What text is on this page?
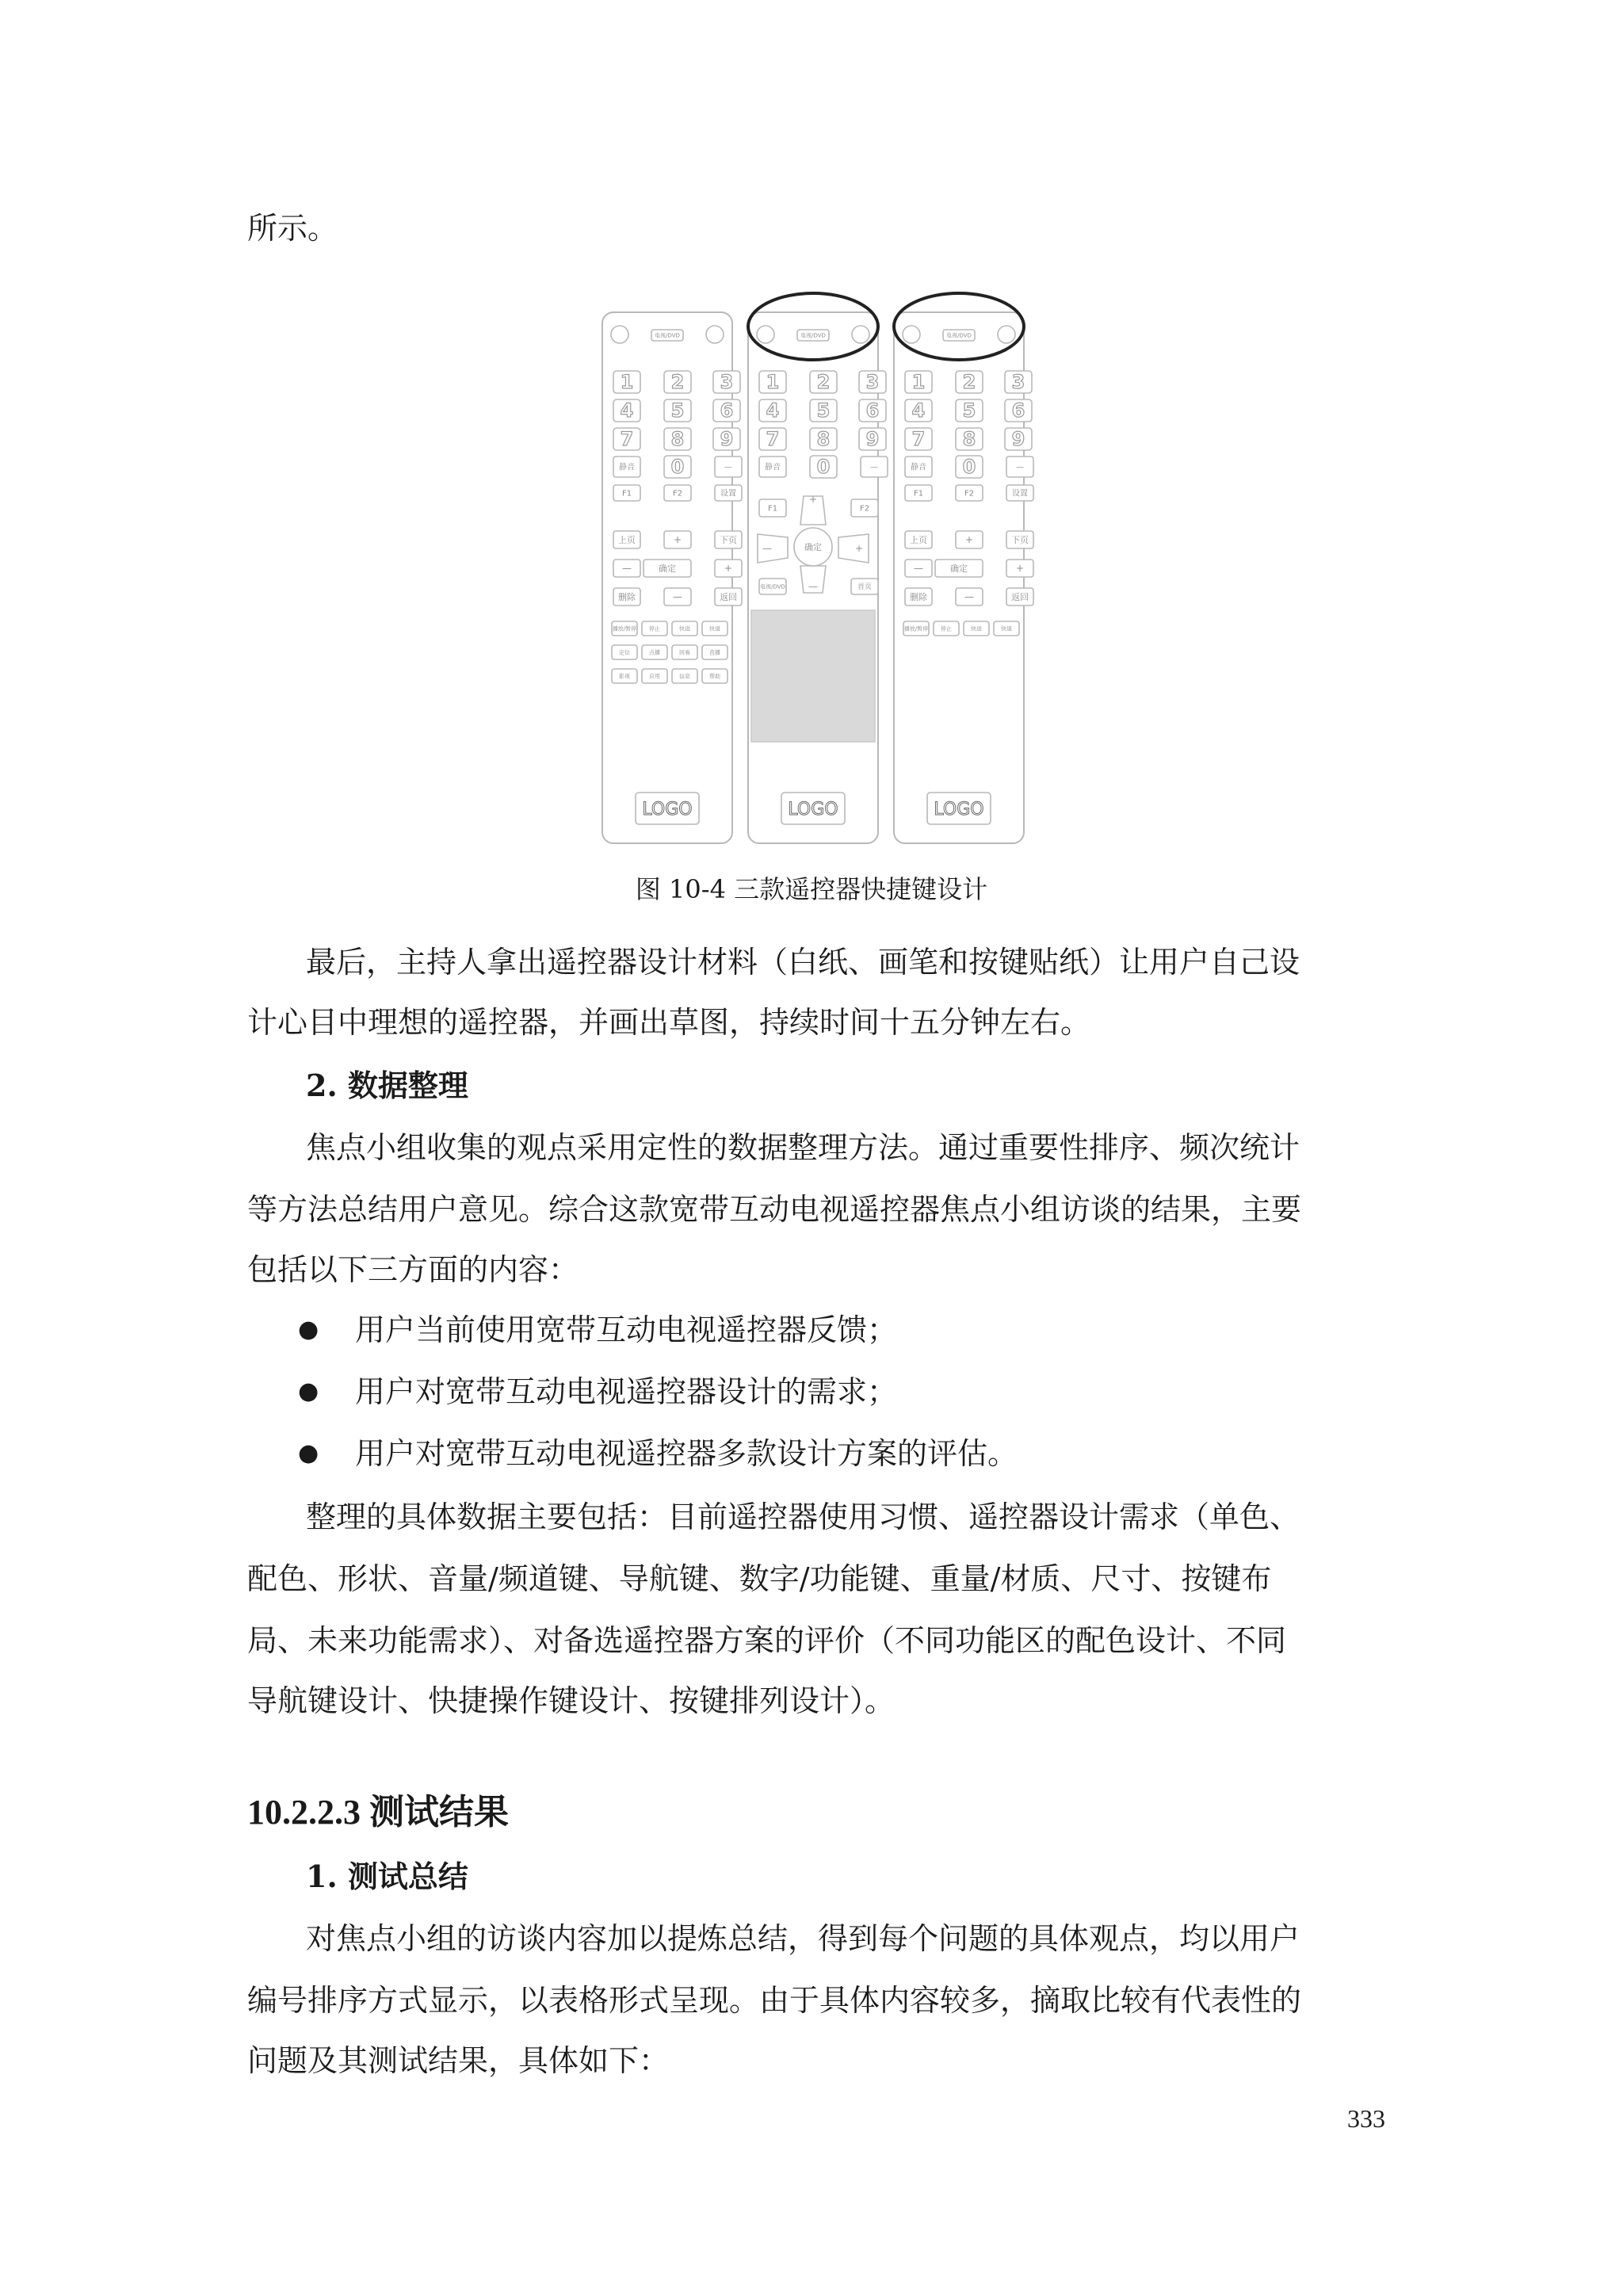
所示。
电视/DVD
1 2 3
4 5 6
7 8 9
静音 0	—
F1	F2	设置
上页	+	下页
—	确定	+
删除	—	返回
播放/暂停 停止	快进	快退
定位	点播	回看	直播
影视	应用	信息	帮助
LOGO
电视/DVD
1 2 3
4 5 6
7 8 9
静音 0	—
F1	F2
确定
+
—
—	+
电视/DVD	首页
LOGO
电视/DVD
1 2 3
4 5 6
7 8 9
静音 0	—
F1	F2	设置
上页	+	下页
—	确定	+
删除	—	返回
播放/暂停 停止	快进	快退
LOGO
图 10-4 三款遥控器快捷键设计
最后，主持人拿出遥控器设计材料（白纸、画笔和按键贴纸）让用户自己设
计心目中理想的遥控器，并画出草图，持续时间十五分钟左右。
2. 数据整理
焦点小组收集的观点采用定性的数据整理方法。通过重要性排序、频次统计
等方法总结用户意见。综合这款宽带互动电视遥控器焦点小组访谈的结果，主要
包括以下三方面的内容：
● 用户当前使用宽带互动电视遥控器反馈；
● 用户对宽带互动电视遥控器设计的需求；
● 用户对宽带互动电视遥控器多款设计方案的评估。
整理的具体数据主要包括：目前遥控器使用习惯、遥控器设计需求（单色、
配色、形状、音量/频道键、导航键、数字/功能键、重量/材质、尺寸、按键布
局、未来功能需求）、对备选遥控器方案的评价（不同功能区的配色设计、不同
导航键设计、快捷操作键设计、按键排列设计）。
10.2.2.3 测试结果
1. 测试总结
对焦点小组的访谈内容加以提炼总结，得到每个问题的具体观点，均以用户
编号排序方式显示，以表格形式呈现。由于具体内容较多，摘取比较有代表性的
问题及其测试结果，具体如下：
333
